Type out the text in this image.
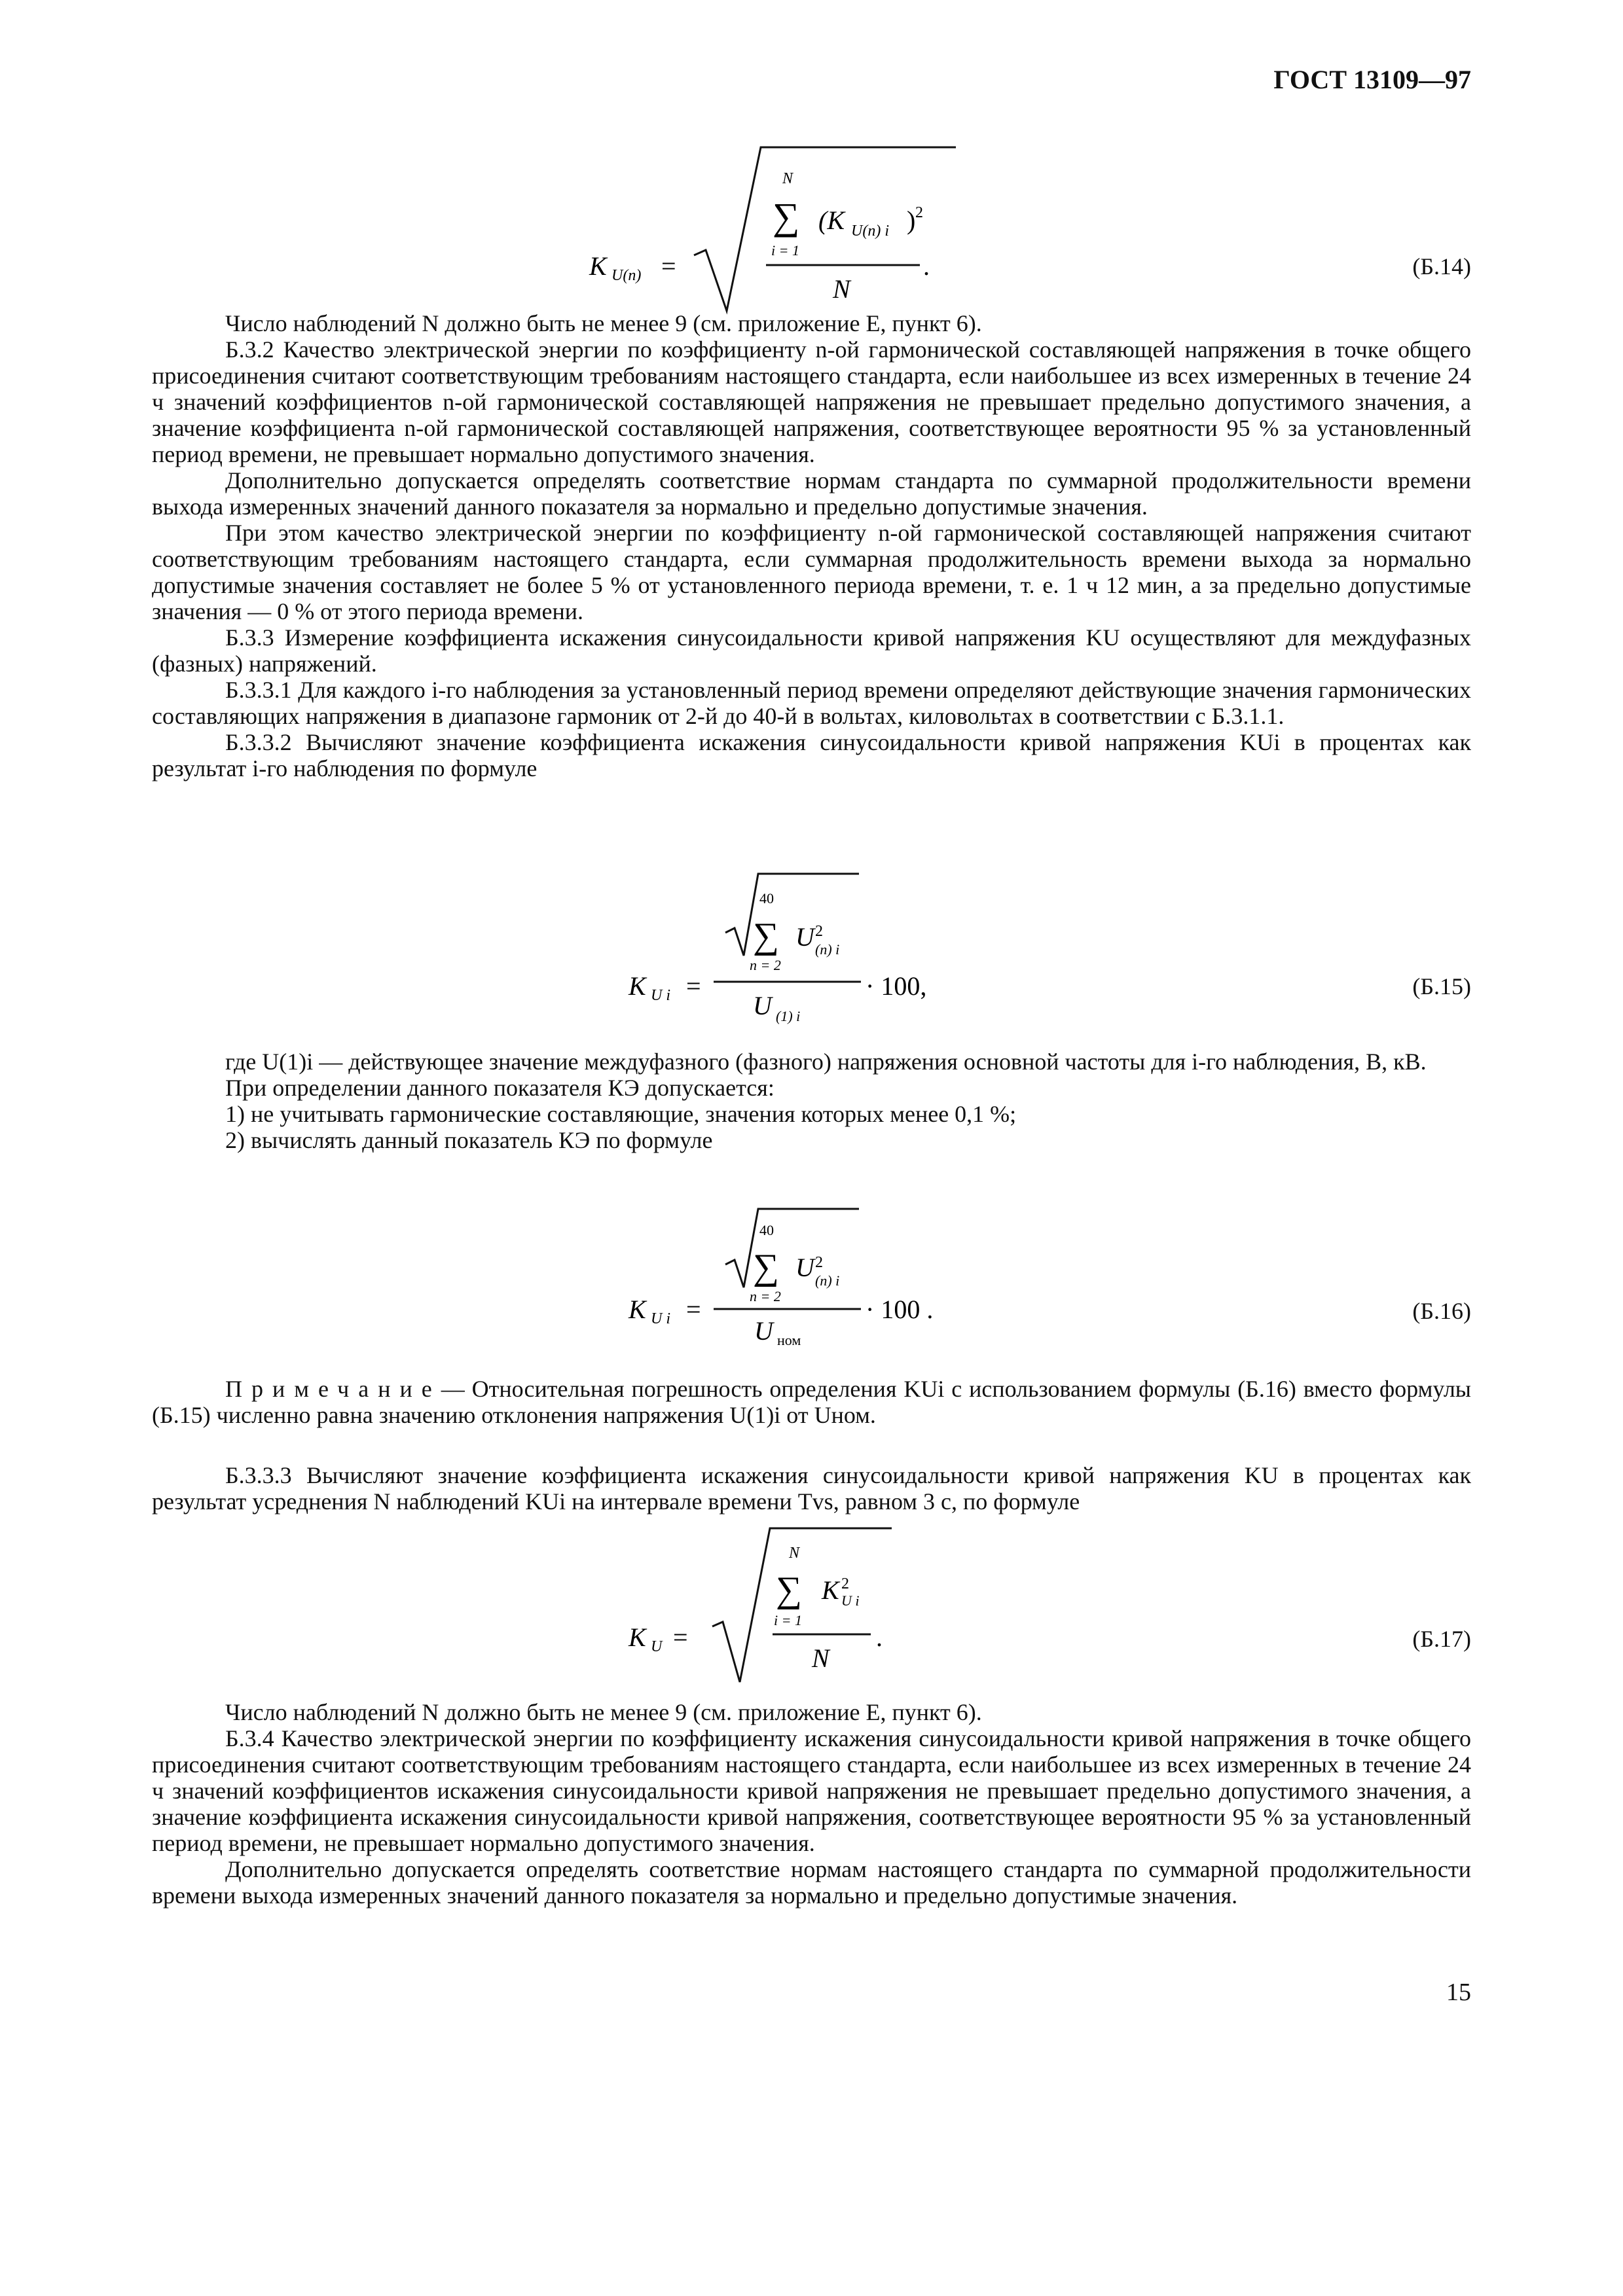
ГОСТ 13109—97
K U(n) =
N
∑
i = 1
(K U(n) i ) 2
N
.	(Б.14)

Число наблюдений N должно быть не менее 9 (см. приложение Е, пункт 6).

Б.3.2 Качество электрической энергии по коэффициенту n-ой гармонической составляющей напряжения в точке общего присоединения считают соответствующим требованиям настоящего стандарта, если наибольшее из всех измеренных в течение 24 ч значений коэффициентов n-ой гармонической составляющей напряжения не превышает предельно допустимого значения, а значение коэффициента n-ой гармонической составляющей напряжения, соответствующее вероятности 95 % за установленный период времени, не превышает нормально допустимого значения.

Дополнительно допускается определять соответствие нормам стандарта по суммарной продолжительности времени выхода измеренных значений данного показателя за нормально и предельно допустимые значения.

При этом качество электрической энергии по коэффициенту n-ой гармонической составляющей напряжения считают соответствующим требованиям настоящего стандарта, если суммарная продолжительность времени выхода за нормально допустимые значения составляет не более 5 % от установленного периода времени, т. е. 1 ч 12 мин, а за предельно допустимые значения — 0 % от этого периода времени.

Б.3.3 Измерение коэффициента искажения синусоидальности кривой напряжения KU осуществляют для междуфазных (фазных) напряжений.

Б.3.3.1 Для каждого i-го наблюдения за установленный период времени определяют действующие значения гармонических составляющих напряжения в диапазоне гармоник от 2-й до 40-й в вольтах, киловольтах в соответствии с Б.3.1.1.

Б.3.3.2 Вычисляют значение коэффициента искажения синусоидальности кривой напряжения KUi в процентах как результат i-го наблюдения по формуле

K U i =
40
∑
n = 2
U 2
(n) i
U (1) i
· 100,	(Б.15)

где U(1)i — действующее значение междуфазного (фазного) напряжения основной частоты для i-го наблюдения, В, кВ.

При определении данного показателя КЭ допускается:

1) не учитывать гармонические составляющие, значения которых менее 0,1 %;

2) вычислять данный показатель КЭ по формуле

K U i =
40
∑
n = 2
U 2
(n) i
U ном
· 100 .	(Б.16)

Примечание— Относительная погрешность определения KUi с использованием формулы (Б.16) вместо формулы (Б.15) численно равна значению отклонения напряжения U(1)i от Uном.

Б.3.3.3 Вычисляют значение коэффициента искажения синусоидальности кривой напряжения KU в процентах как результат усреднения N наблюдений KUi на интервале времени Tvs, равном 3 с, по формуле

K U =
N
∑
i = 1
K 2
U i
N
.	(Б.17)

Число наблюдений N должно быть не менее 9 (см. приложение Е, пункт 6).

Б.3.4 Качество электрической энергии по коэффициенту искажения синусоидальности кривой напряжения в точке общего присоединения считают соответствующим требованиям настоящего стандарта, если наибольшее из всех измеренных в течение 24 ч значений коэффициентов искажения синусоидальности кривой напряжения не превышает предельно допустимого значения, а значение коэффициента искажения синусоидальности кривой напряжения, соответствующее вероятности 95 % за установленный период времени, не превышает нормально допустимого значения.

Дополнительно допускается определять соответствие нормам настоящего стандарта по суммарной продолжительности времени выхода измеренных значений данного показателя за нормально и предельно допустимые значения.

15
